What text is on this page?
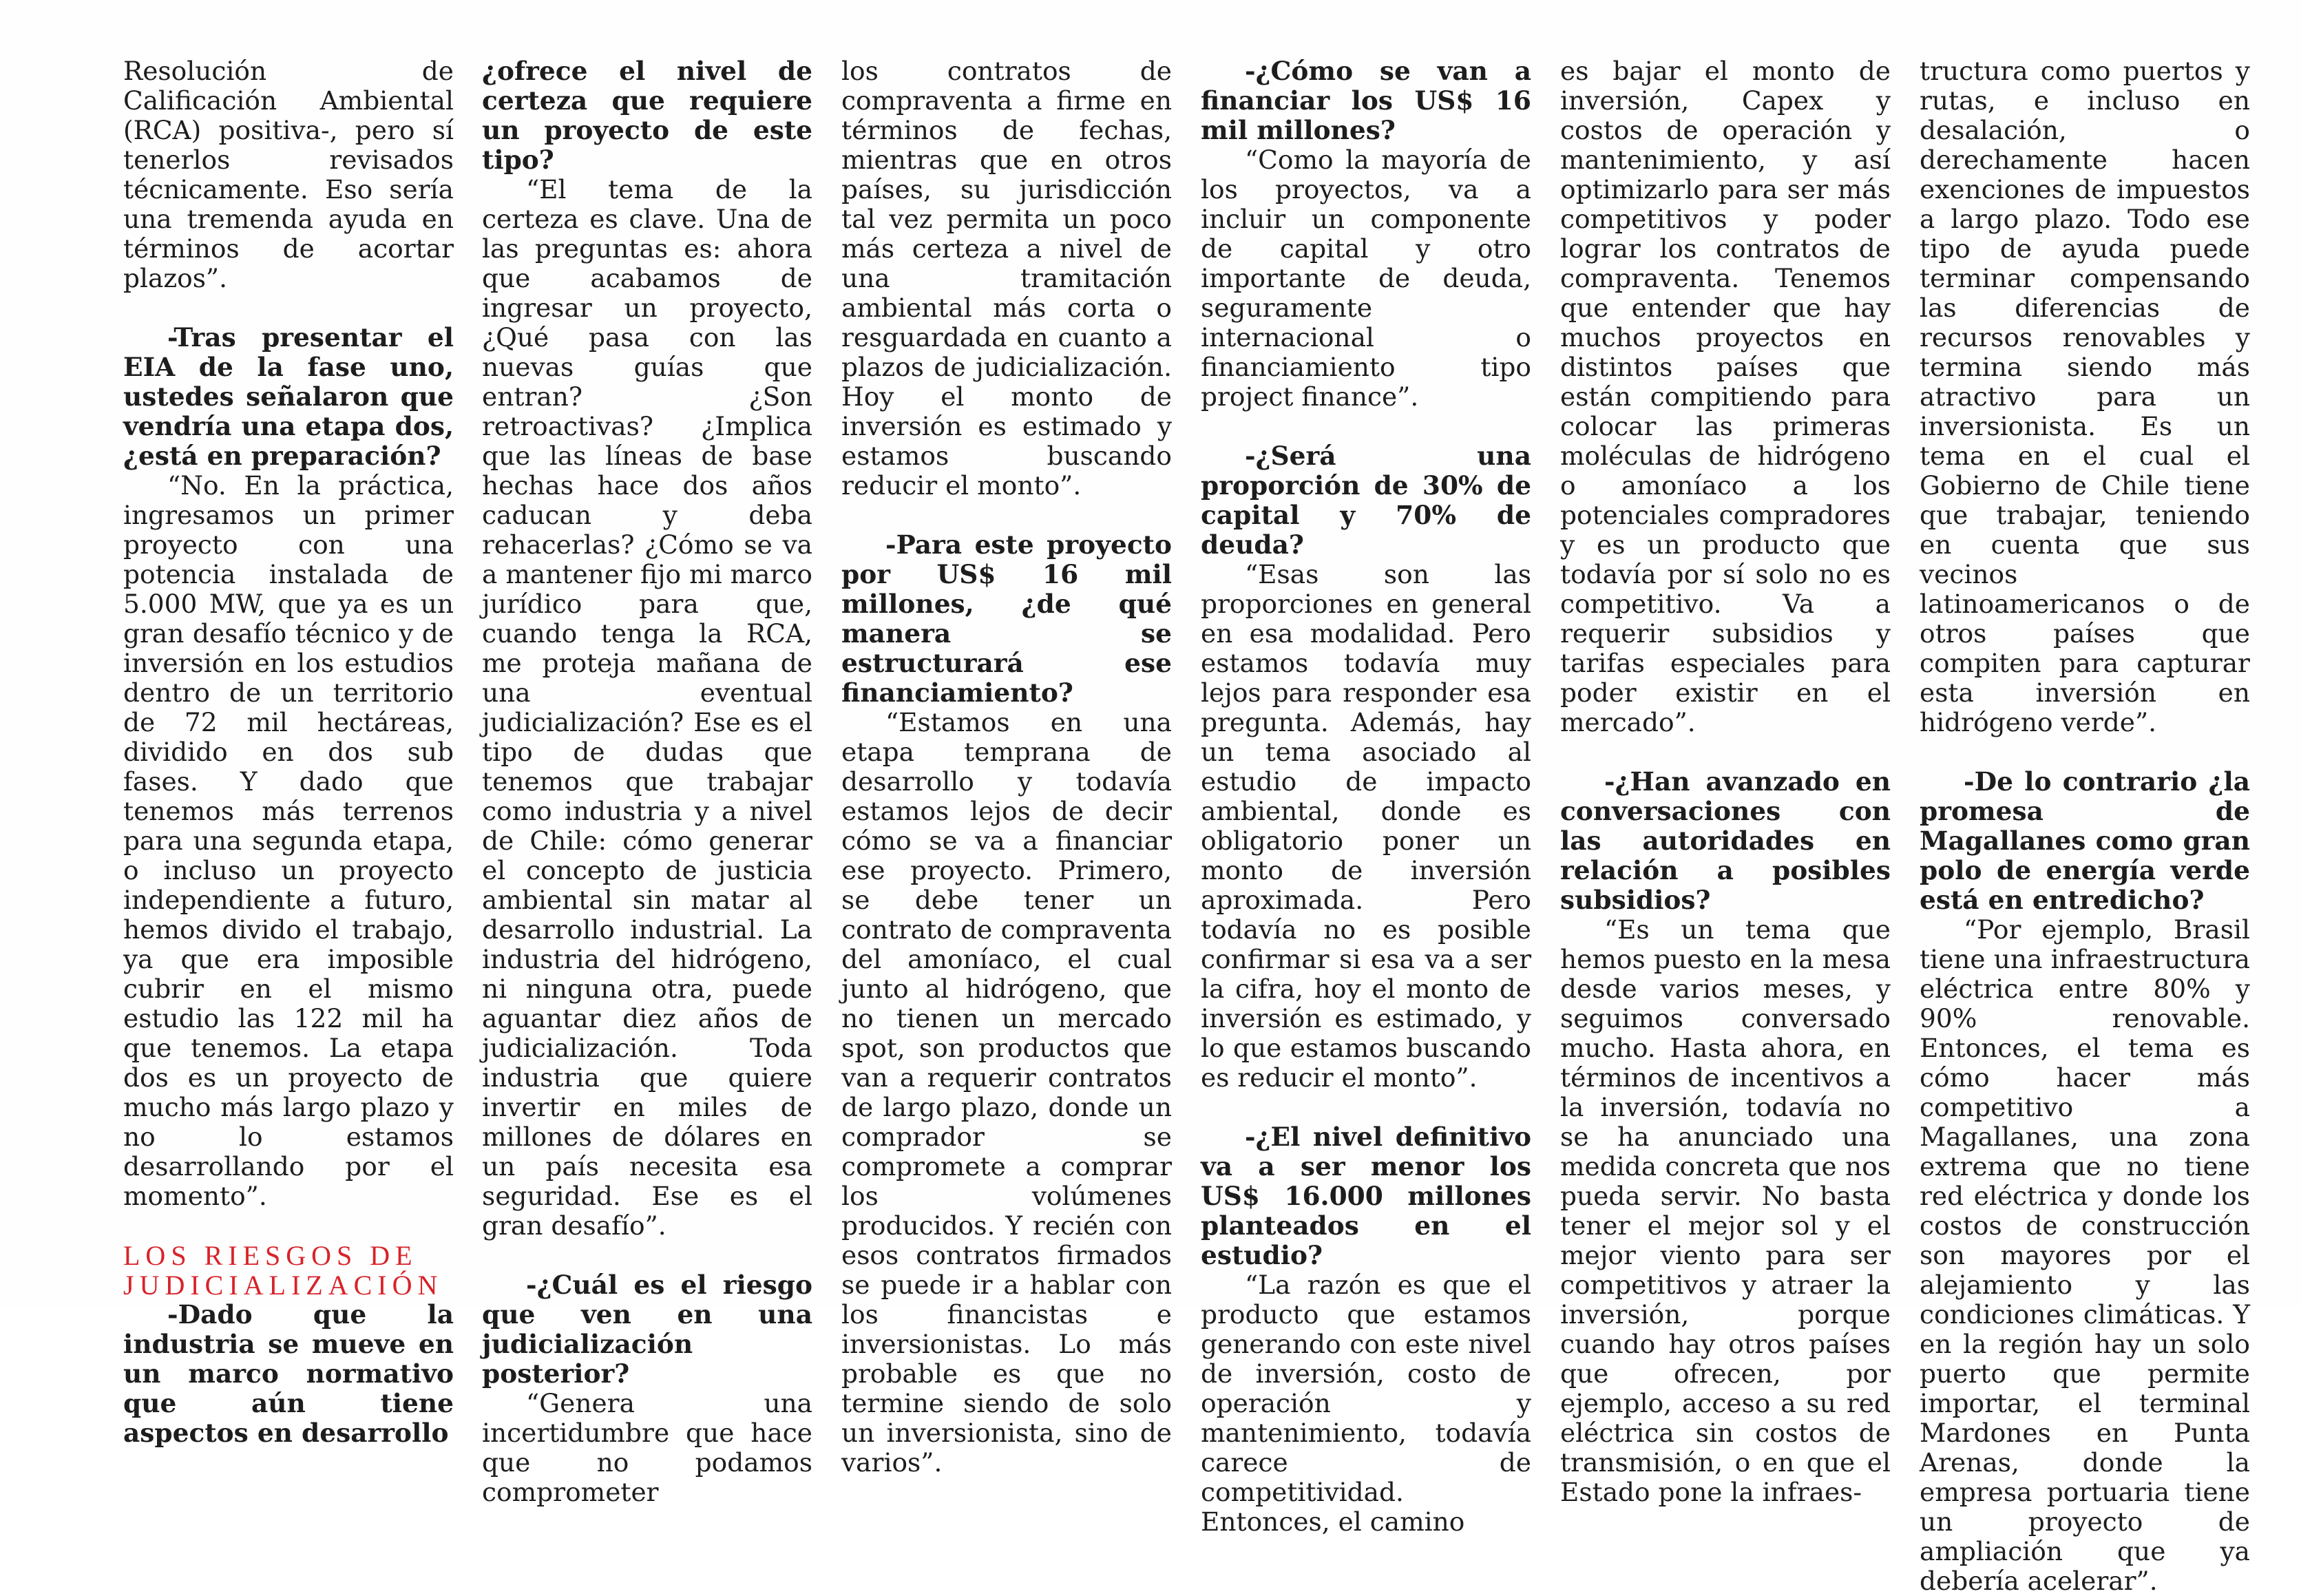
Resolución de Calificación Ambiental (RCA) positiva-, pero sí tenerlos revisados técnicamente. Eso sería una tremenda ayuda en términos de acortar plazos”.

-Tras presentar el EIA de la fase uno, ustedes señalaron que vendría una etapa dos, ¿está en preparación?

“No. En la práctica, ingresamos un primer proyecto con una potencia instalada de 5.000 MW, que ya es un gran desafío técnico y de inversión en los estudios dentro de un territorio de 72 mil hectáreas, dividido en dos sub fases. Y dado que tenemos más terrenos para una segunda etapa, o incluso un proyecto independiente a futuro, hemos divido el trabajo, ya que era imposible cubrir en el mismo estudio las 122 mil ha que tenemos. La etapa dos es un proyecto de mucho más largo plazo y no lo estamos desarrollando por el momento”.

LOS RIESGOS DE JUDICIALIZACIÓN

-Dado que la industria se mueve en un marco normativo que aún tiene aspectos en desarrollo

¿ofrece el nivel de certeza que requiere un proyecto de este tipo?

“El tema de la certeza es clave. Una de las preguntas es: ahora que acabamos de ingresar un proyecto, ¿Qué pasa con las nuevas guías que entran? ¿Son retroactivas? ¿Implica que las líneas de base hechas hace dos años caducan y deba rehacerlas? ¿Cómo se va a mantener fijo mi marco jurídico para que, cuando tenga la RCA, me proteja mañana de una eventual judicialización? Ese es el tipo de dudas que tenemos que trabajar como industria y a nivel de Chile: cómo generar el concepto de justicia ambiental sin matar al desarrollo industrial. La industria del hidrógeno, ni ninguna otra, puede aguantar diez años de judicialización. Toda industria que quiere invertir en miles de millones de dólares en un país necesita esa seguridad. Ese es el gran desafío”.

-¿Cuál es el riesgo que ven en una judicialización posterior?

“Genera una incertidumbre que hace que no podamos comprometer

los contratos de compraventa a firme en términos de fechas, mientras que en otros países, su jurisdicción tal vez permita un poco más certeza a nivel de una tramitación ambiental más corta o resguardada en cuanto a plazos de judicialización. Hoy el monto de inversión es estimado y estamos buscando reducir el monto”.

-Para este proyecto por US$ 16 mil millones, ¿de qué manera se estructurará ese financiamiento?

“Estamos en una etapa temprana de desarrollo y todavía estamos lejos de decir cómo se va a financiar ese proyecto. Primero, se debe tener un contrato de compraventa del amoníaco, el cual junto al hidrógeno, que no tienen un mercado spot, son productos que van a requerir contratos de largo plazo, donde un comprador se compromete a comprar los volúmenes producidos. Y recién con esos contratos firmados se puede ir a hablar con los financistas e inversionistas. Lo más probable es que no termine siendo de solo un inversionista, sino de varios”.

-¿Cómo se van a financiar los US$ 16 mil millones?

“Como la mayoría de los proyectos, va a incluir un componente de capital y otro importante de deuda, seguramente internacional o financiamiento tipo project finance”.

-¿Será una proporción de 30% de capital y 70% de deuda?

“Esas son las proporciones en general en esa modalidad. Pero estamos todavía muy lejos para responder esa pregunta. Además, hay un tema asociado al estudio de impacto ambiental, donde es obligatorio poner un monto de inversión aproximada. Pero todavía no es posible confirmar si esa va a ser la cifra, hoy el monto de inversión es estimado, y lo que estamos buscando es reducir el monto”.

-¿El nivel definitivo va a ser menor los US$ 16.000 millones planteados en el estudio?

“La razón es que el producto que estamos generando con este nivel de inversión, costo de operación y mantenimiento, todavía carece de competitividad. Entonces, el camino

es bajar el monto de inversión, Capex y costos de operación y mantenimiento, y así optimizarlo para ser más competitivos y poder lograr los contratos de compraventa. Tenemos que entender que hay muchos proyectos en distintos países que están compitiendo para colocar las primeras moléculas de hidrógeno o amoníaco a los potenciales compradores y es un producto que todavía por sí solo no es competitivo. Va a requerir subsidios y tarifas especiales para poder existir en el mercado”.

-¿Han avanzado en conversaciones con las autoridades en relación a posibles subsidios?

“Es un tema que hemos puesto en la mesa desde varios meses, y seguimos conversado mucho. Hasta ahora, en términos de incentivos a la inversión, todavía no se ha anunciado una medida concreta que nos pueda servir. No basta tener el mejor sol y el mejor viento para ser competitivos y atraer la inversión, porque cuando hay otros países que ofrecen, por ejemplo, acceso a su red eléctrica sin costos de transmisión, o en que el Estado pone la infraes-

tructura como puertos y rutas, e incluso en desalación, o derechamente hacen exenciones de impuestos a largo plazo. Todo ese tipo de ayuda puede terminar compensando las diferencias de recursos renovables y termina siendo más atractivo para un inversionista. Es un tema en el cual el Gobierno de Chile tiene que trabajar, teniendo en cuenta que sus vecinos latinoamericanos o de otros países que compiten para capturar esta inversión en hidrógeno verde”.

-De lo contrario ¿la promesa de Magallanes como gran polo de energía verde está en entredicho?

“Por ejemplo, Brasil tiene una infraestructura eléctrica entre 80% y 90% renovable. Entonces, el tema es cómo hacer más competitivo a Magallanes, una zona extrema que no tiene red eléctrica y donde los costos de construcción son mayores por el alejamiento y las condiciones climáticas. Y en la región hay un solo puerto que permite importar, el terminal Mardones en Punta Arenas, donde la empresa portuaria tiene un proyecto de ampliación que ya debería acelerar”.
